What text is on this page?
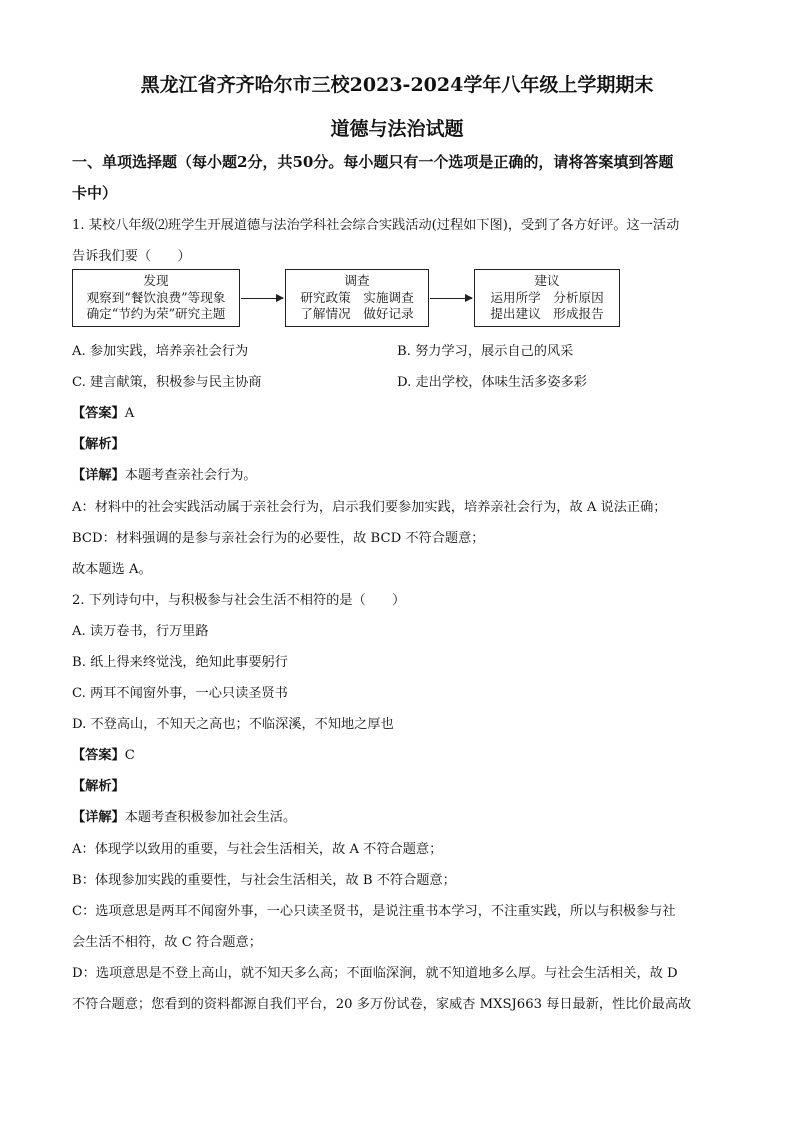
黑龙江省齐齐哈尔市三校2023-2024学年八年级上学期期末
道德与法治试题
一、单项选择题（每小题2分，共50分。每小题只有一个选项是正确的，请将答案填到答题
卡中）
1. 某校八年级⑵班学生开展道德与法治学科社会综合实践活动(过程如下图)，受到了各方好评。这一活动
告诉我们要（　　）
发现
观察到“餐饮浪费”等现象
确定“节约为荣”研究主题
调查
研究政策　实施调查
了解情况　做好记录
建议
运用所学　分析原因
提出建议　形成报告
A. 参加实践，培养亲社会行为	B. 努力学习，展示自己的风采
C. 建言献策，积极参与民主协商	D. 走出学校，体味生活多姿多彩
【答案】A
【解析】
【详解】本题考查亲社会行为。
A：材料中的社会实践活动属于亲社会行为，启示我们要参加实践，培养亲社会行为，故 A 说法正确；
BCD：材料强调的是参与亲社会行为的必要性，故 BCD 不符合题意；
故本题选 A。
2. 下列诗句中，与积极参与社会生活不相符的是（　　）
A. 读万卷书，行万里路
B. 纸上得来终觉浅，绝知此事要躬行
C. 两耳不闻窗外事，一心只读圣贤书
D. 不登高山，不知天之高也；不临深溪，不知地之厚也
【答案】C
【解析】
【详解】本题考查积极参加社会生活。
A：体现学以致用的重要，与社会生活相关，故 A 不符合题意；
B：体现参加实践的重要性，与社会生活相关，故 B 不符合题意；
C：选项意思是两耳不闻窗外事，一心只读圣贤书，是说注重书本学习，不注重实践，所以与积极参与社
会生活不相符，故 C 符合题意；
D：选项意思是不登上高山，就不知天多么高；不面临深涧，就不知道地多么厚。与社会生活相关，故 D
不符合题意；您看到的资料都源自我们平台，20 多万份试卷，家威杏 MXSJ663 每日最新，性比价最高故
